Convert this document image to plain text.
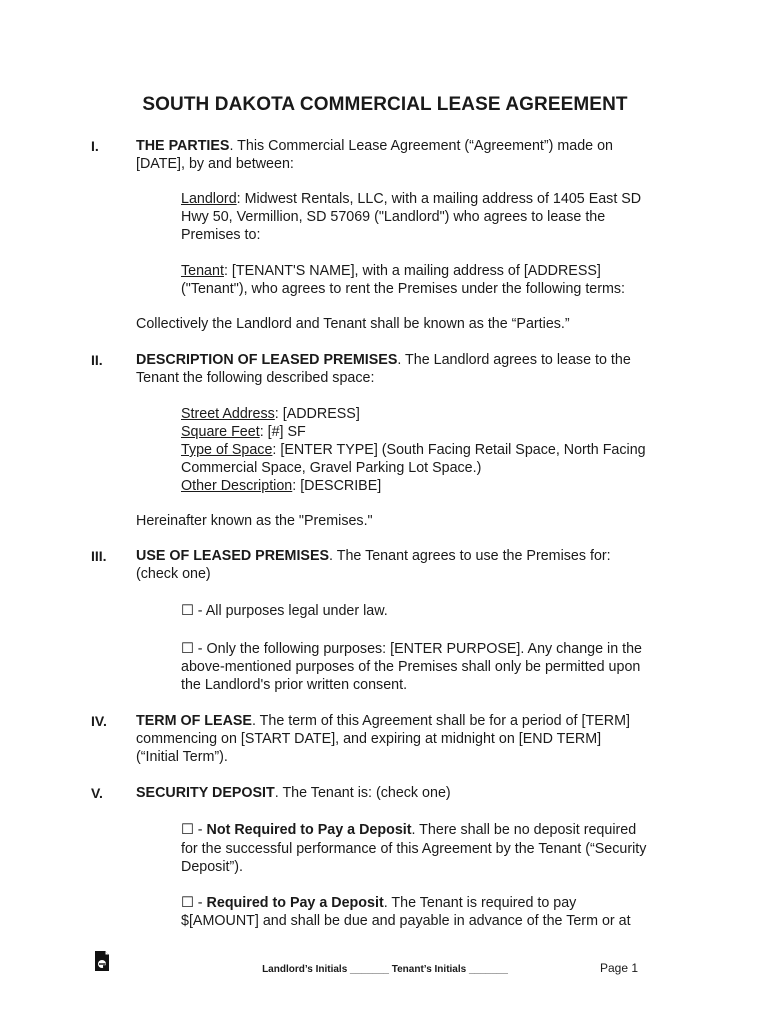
SOUTH DAKOTA COMMERCIAL LEASE AGREEMENT
I.	THE PARTIES. This Commercial Lease Agreement (“Agreement”) made on
[DATE], by and between:
Landlord: Midwest Rentals, LLC, with a mailing address of 1405 East SD
Hwy 50, Vermillion, SD 57069 ("Landlord") who agrees to lease the
Premises to:
Tenant: [TENANT'S NAME], with a mailing address of [ADDRESS]
("Tenant"), who agrees to rent the Premises under the following terms:
Collectively the Landlord and Tenant shall be known as the “Parties.”
II. DESCRIPTION OF LEASED PREMISES. The Landlord agrees to lease to the
Tenant the following described space:
Street Address: [ADDRESS]
Square Feet: [#] SF
Type of Space: [ENTER TYPE] (South Facing Retail Space, North Facing
Commercial Space, Gravel Parking Lot Space.)
Other Description: [DESCRIBE]
Hereinafter known as the "Premises."
III. USE OF LEASED PREMISES. The Tenant agrees to use the Premises for:
(check one)
☐ - All purposes legal under law.
☐ - Only the following purposes: [ENTER PURPOSE]. Any change in the
above-mentioned purposes of the Premises shall only be permitted upon
the Landlord's prior written consent.
IV. TERM OF LEASE. The term of this Agreement shall be for a period of [TERM]
commencing on [START DATE], and expiring at midnight on [END TERM]
(“Initial Term”).
V. SECURITY DEPOSIT. The Tenant is: (check one)
☐ - Not Required to Pay a Deposit. There shall be no deposit required
for the successful performance of this Agreement by the Tenant (“Security
Deposit”).
☐ - Required to Pay a Deposit. The Tenant is required to pay
$[AMOUNT] and shall be due and payable in advance of the Term or at
Landlord’s Initials _______ Tenant’s Initials _______	Page 1
